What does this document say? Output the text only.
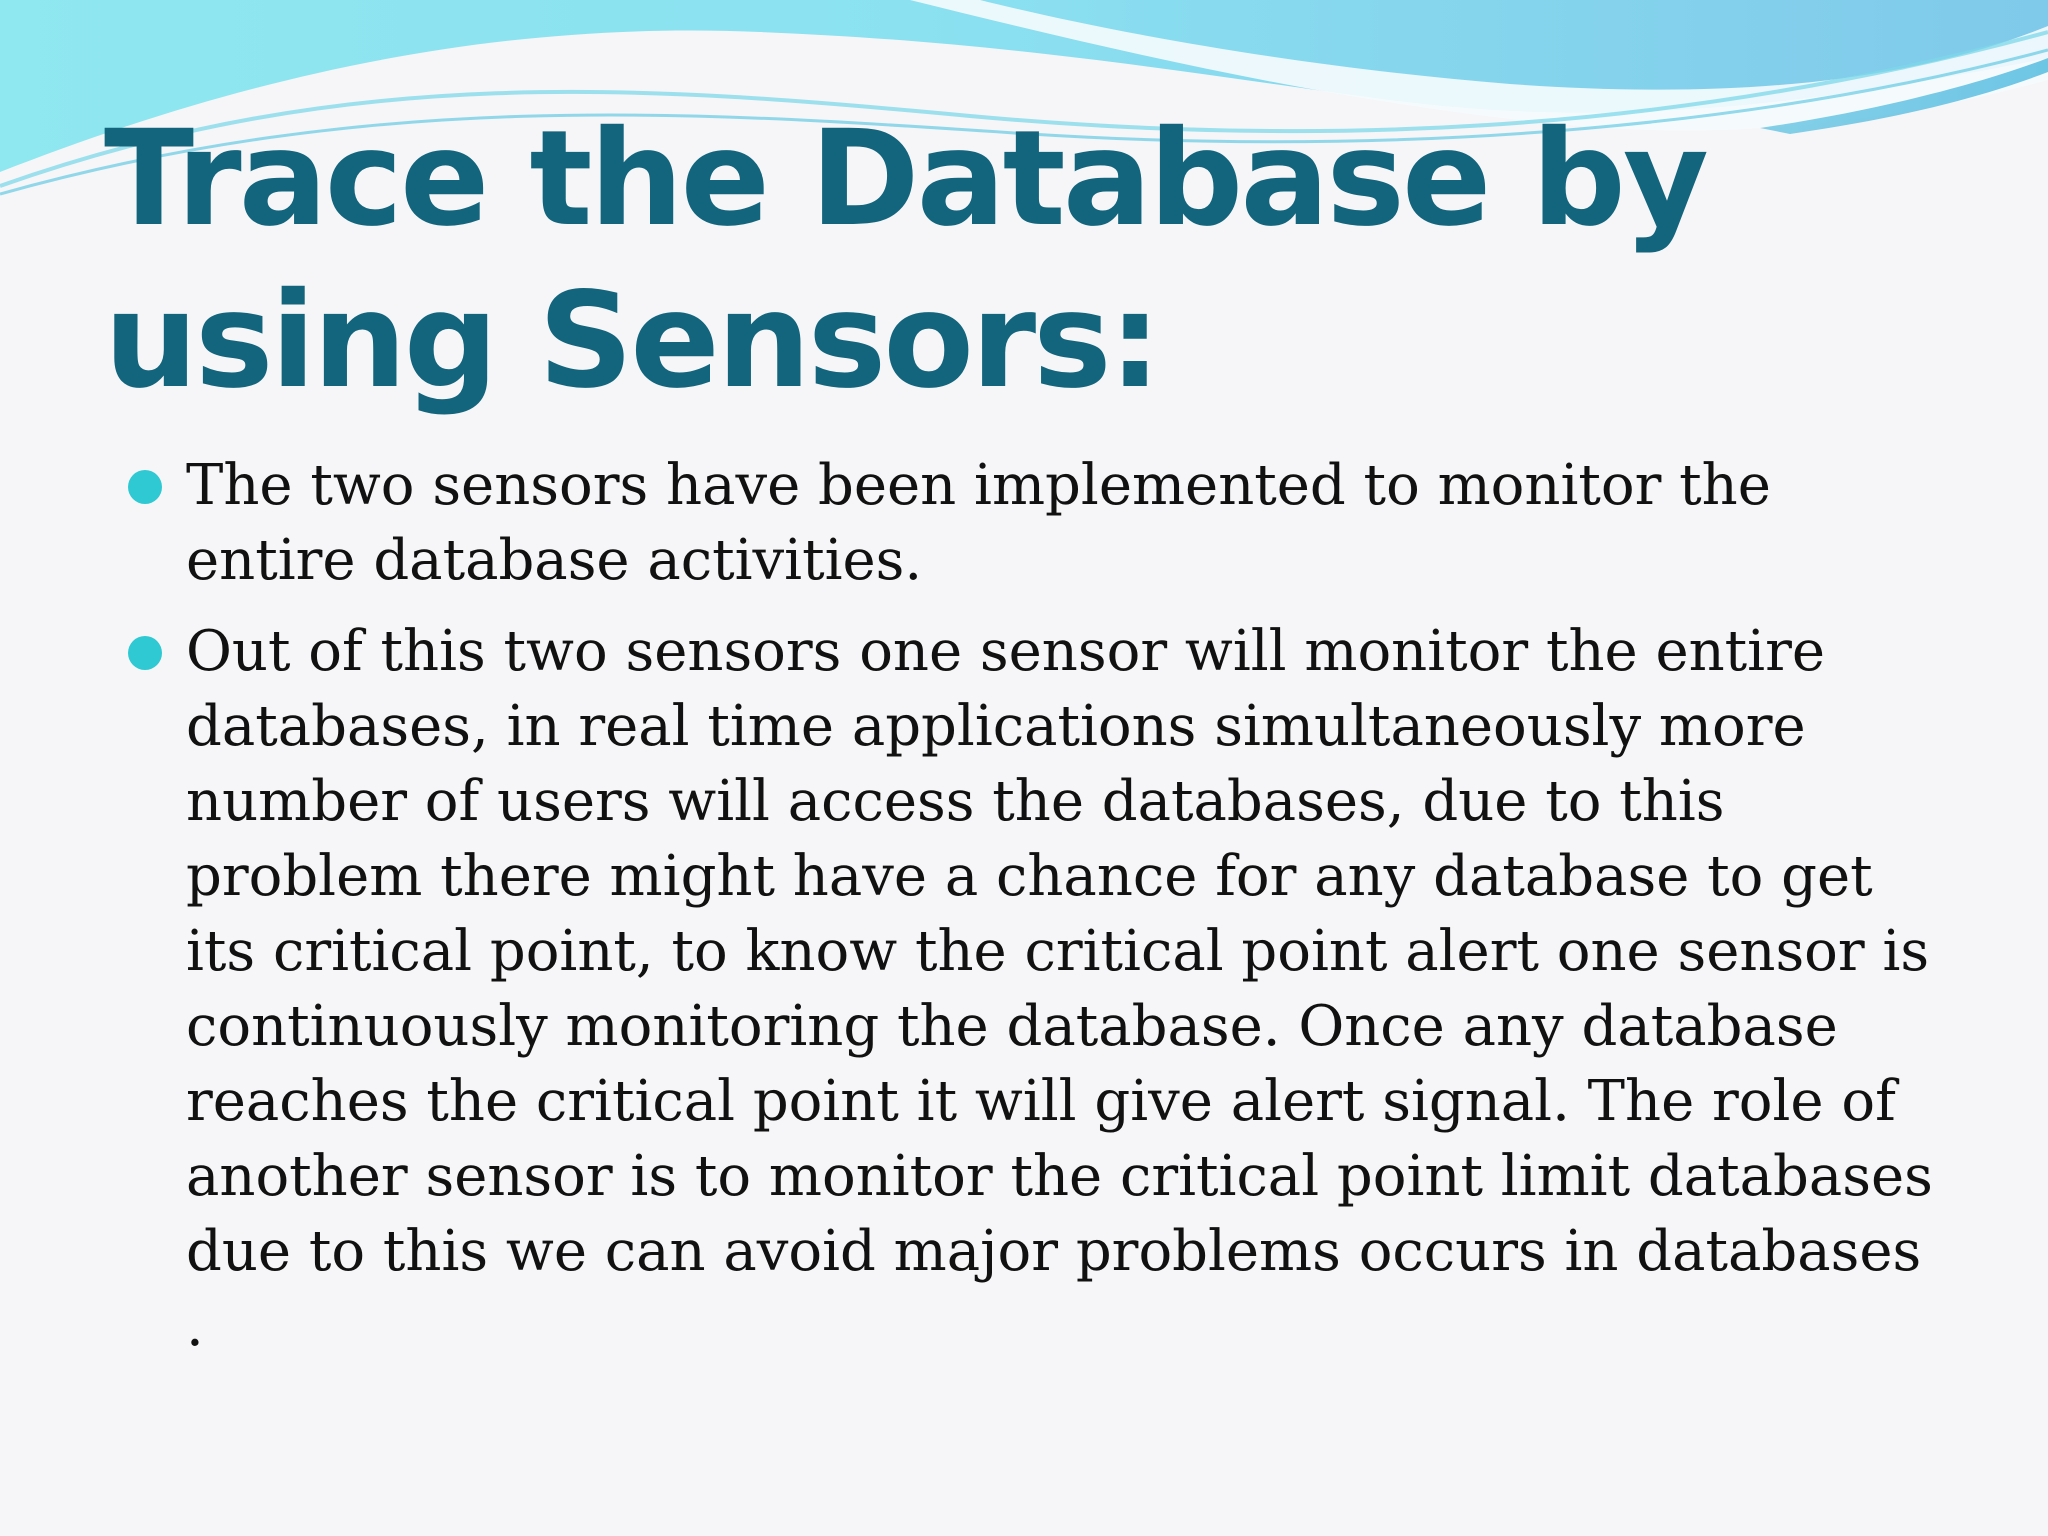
Trace the Database by using Sensors:
The two sensors have been implemented to monitor the entire database activities.
Out of this two sensors one sensor will monitor the entire databases, in real time applications simultaneously more number of users will access the databases, due to this problem there might have a chance for any database to get its critical point, to know the critical point alert one sensor is continuously monitoring the database. Once any database reaches the critical point it will give alert signal. The role of another sensor is to monitor the critical point limit databases due to this we can avoid major problems occurs in databases .
